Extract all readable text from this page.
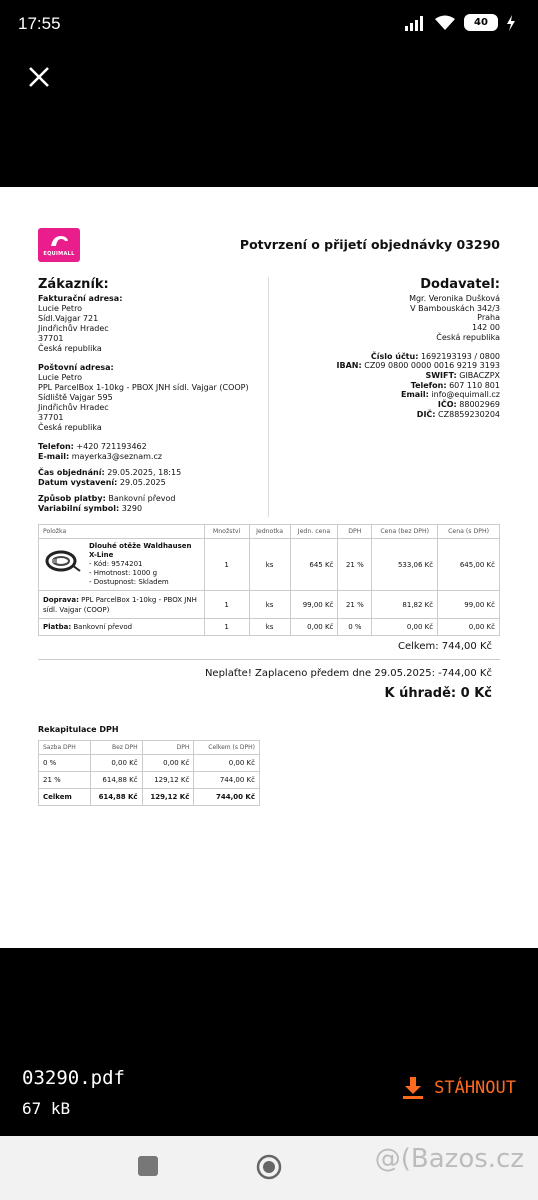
17:55	40
EQUIMALL
Potvrzení o přijetí objednávky 03290
Zákazník:
Fakturační adresa:
Lucie Petro
Sídl.Vajgar 721
Jindřichův Hradec
37701
Česká republika
Poštovní adresa:
Lucie Petro
PPL ParcelBox 1-10kg - PBOX JNH sídl. Vajgar (COOP)
Sídliště Vajgar 595
Jindřichův Hradec
37701
Česká republika
Telefon: +420 721193462
E-mail: mayerka3@seznam.cz
Čas objednání: 29.05.2025, 18:15
Datum vystavení: 29.05.2025
Způsob platby: Bankovní převod
Variabilní symbol: 3290
Dodavatel:
Mgr. Veronika Dušková
V Bambouskách 342/3
Praha
142 00
Česká republika
Číslo účtu: 1692193193 / 0800
IBAN: CZ09 0800 0000 0016 9219 3193
SWIFT: GIBACZPX
Telefon: 607 110 801
Email: info@equimall.cz
IČO: 88002969
DIČ: CZ8859230204
Položka	Množství	Jednotka	Jedn. cena	DPH	Cena (bez DPH)	Cena (s DPH)

Dlouhé otěže Waldhausen X-Line
- Kód: 9574201
- Hmotnost: 1000 g
- Dostupnost: Skladem	1	ks	645 Kč	21 %	533,06 Kč	645,00 Kč
Doprava: PPL ParcelBox 1-10kg - PBOX JNH sídl. Vajgar (COOP)	1	ks	99,00 Kč	21 %	81,82 Kč	99,00 Kč
Platba: Bankovní převod	1	ks	0,00 Kč	0 %	0,00 Kč	0,00 Kč
Celkem: 744,00 Kč
Neplaťte! Zaplaceno předem dne 29.05.2025: -744,00 Kč
K úhradě: 0 Kč
Rekapitulace DPH
Sazba DPH	Bez DPH	DPH	Celkem (s DPH)
0 %	0,00 Kč	0,00 Kč	0,00 Kč
21 %	614,88 Kč	129,12 Kč	744,00 Kč
Celkem	614,88 Kč	129,12 Kč	744,00 Kč
03290.pdf
67 kB
STÁHNOUT
@(Bazos.cz
